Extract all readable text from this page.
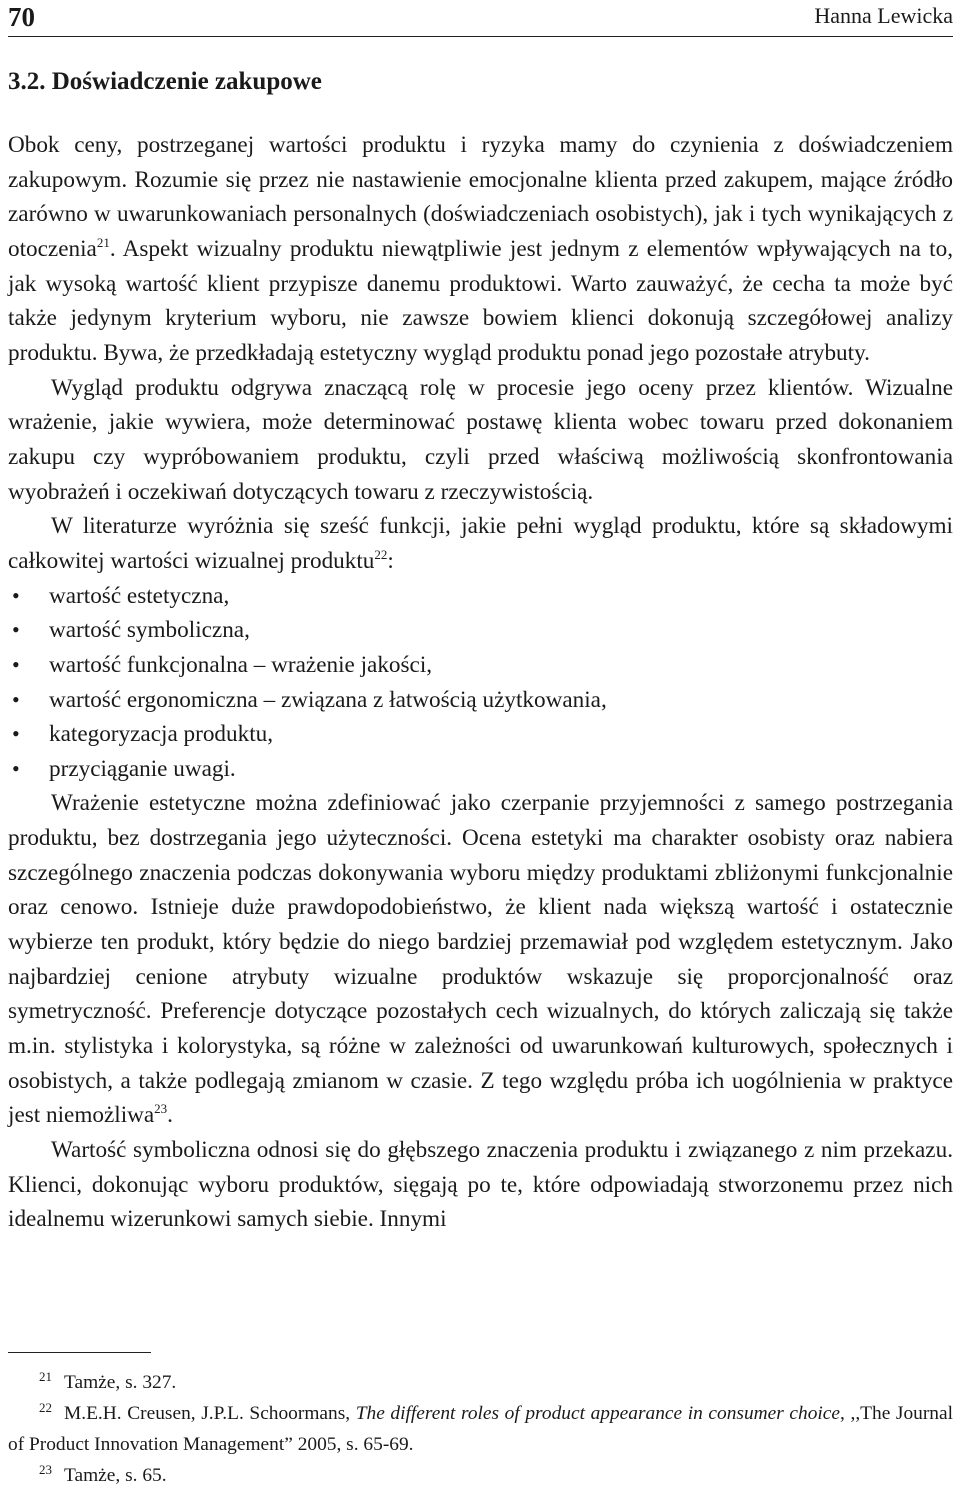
70	Hanna Lewicka
3.2. Doświadczenie zakupowe

Obok ceny, postrzeganej wartości produktu i ryzyka mamy do czynienia z doświadczeniem zakupowym. Rozumie się przez nie nastawienie emocjonalne klienta przed zakupem, mające źródło zarówno w uwarunkowaniach personalnych (doświadczeniach osobistych), jak i tych wynikających z otoczenia$^{21}$. Aspekt wizualny produktu niewątpliwie jest jednym z elementów wpływających na to, jak wysoką wartość klient przypisze danemu produktowi. Warto zauważyć, że cecha ta może być także jedynym kryterium wyboru, nie zawsze bowiem klienci dokonują szczegółowej analizy produktu. Bywa, że przedkładają estetyczny wygląd produktu ponad jego pozostałe atrybuty.

Wygląd produktu odgrywa znaczącą rolę w procesie jego oceny przez klientów. Wizualne wrażenie, jakie wywiera, może determinować postawę klienta wobec towaru przed dokonaniem zakupu czy wypróbowaniem produktu, czyli przed właściwą możliwością skonfrontowania wyobrażeń i oczekiwań dotyczących towaru z rzeczywistością.

W literaturze wyróżnia się sześć funkcji, jakie pełni wygląd produktu, które są składowymi całkowitej wartości wizualnej produktu$^{22}$:

• wartość estetyczna,
• wartość symboliczna,
• wartość funkcjonalna – wrażenie jakości,
• wartość ergonomiczna – związana z łatwością użytkowania,
• kategoryzacja produktu,
• przyciąganie uwagi.

Wrażenie estetyczne można zdefiniować jako czerpanie przyjemności z samego postrzegania produktu, bez dostrzegania jego użyteczności. Ocena estetyki ma charakter osobisty oraz nabiera szczególnego znaczenia podczas dokonywania wyboru między produktami zbliżonymi funkcjonalnie oraz cenowo. Istnieje duże prawdopodobieństwo, że klient nada większą wartość i ostatecznie wybierze ten produkt, który będzie do niego bardziej przemawiał pod względem estetycznym. Jako najbardziej cenione atrybuty wizualne produktów wskazuje się proporcjonalność oraz symetryczność. Preferencje dotyczące pozostałych cech wizualnych, do których zaliczają się także m.in. stylistyka i kolorystyka, są różne w zależności od uwarunkowań kulturowych, społecznych i osobistych, a także podlegają zmianom w czasie. Z tego względu próba ich uogólnienia w praktyce jest niemożliwa$^{23}$.

Wartość symboliczna odnosi się do głębszego znaczenia produktu i związanego z nim przekazu. Klienci, dokonując wyboru produktów, sięgają po te, które odpowiadają stworzonemu przez nich idealnemu wizerunkowi samych siebie. Innymi

21 Tamże, s. 327.

22 M.E.H. Creusen, J.P.L. Schoormans, The different roles of product appearance in consumer choice, ,,The Journal of Product Innovation Management” 2005, s. 65-69.

23 Tamże, s. 65.
